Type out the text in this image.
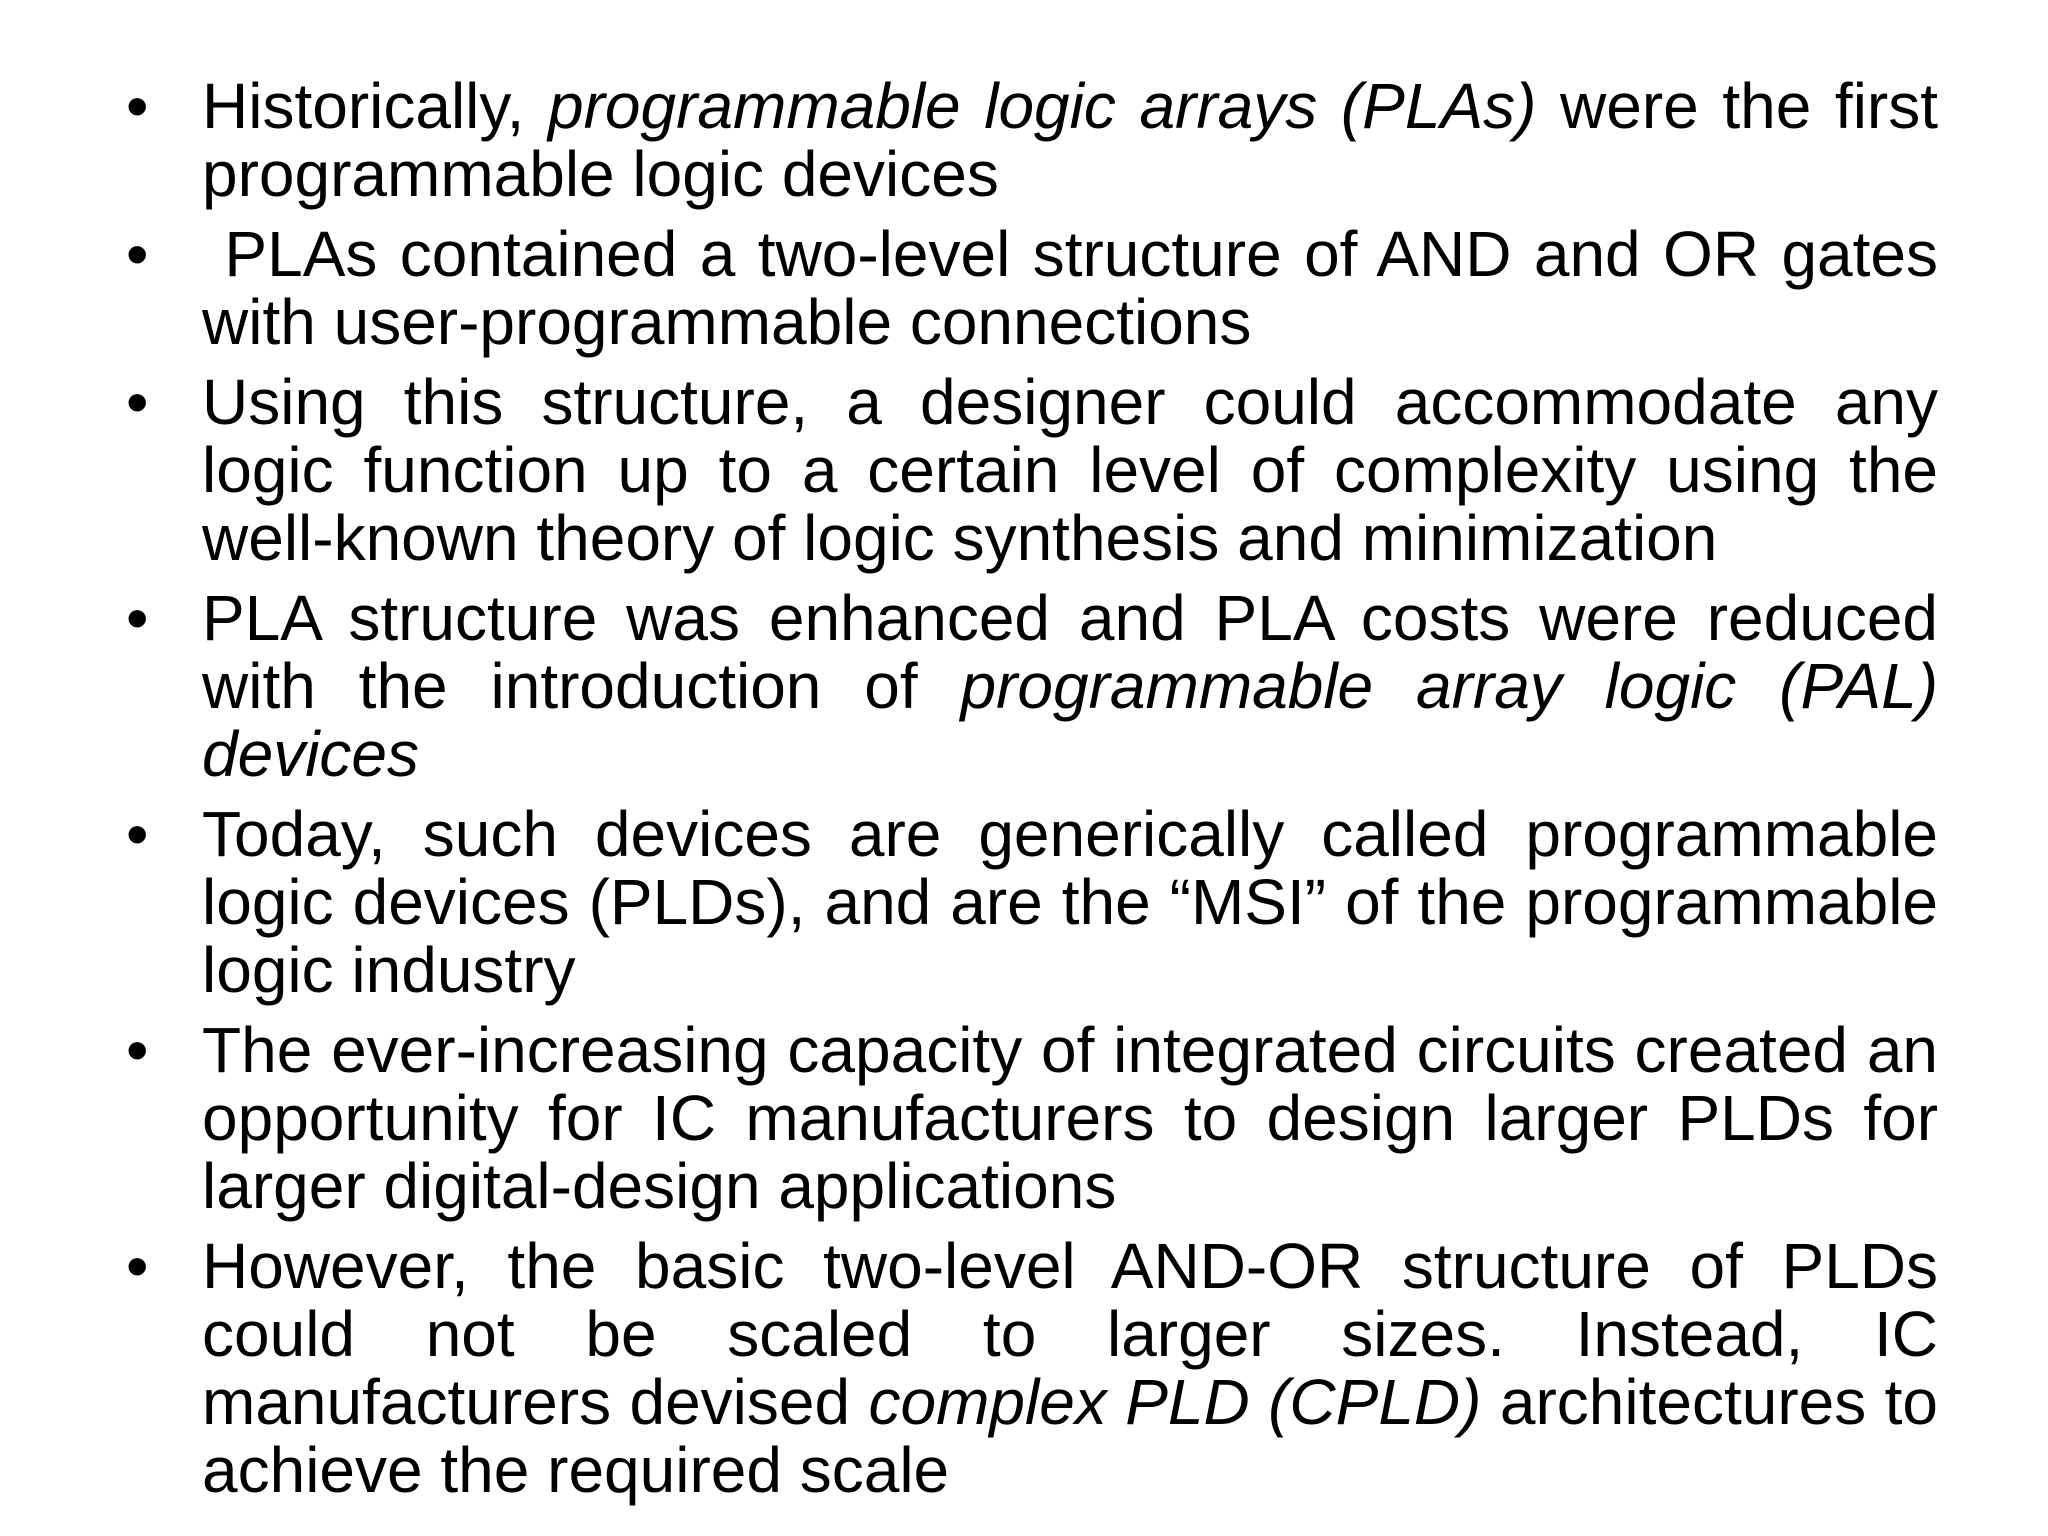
• Historically, programmable logic arrays (PLAs) were the first programmable logic devices
• PLAs contained a two-level structure of AND and OR gates with user-programmable connections
• Using this structure, a designer could accommodate any logic function up to a certain level of complexity using the well-known theory of logic synthesis and minimization
• PLA structure was enhanced and PLA costs were reduced with the introduction of programmable array logic (PAL) devices
• Today, such devices are generically called programmable logic devices (PLDs), and are the “MSI” of the programmable logic industry
• The ever-increasing capacity of integrated circuits created an opportunity for IC manufacturers to design larger PLDs for larger digital-design applications
• However, the basic two-level AND-OR structure of PLDs could not be scaled to larger sizes. Instead, IC manufacturers devised complex PLD (CPLD) architectures to achieve the required scale
